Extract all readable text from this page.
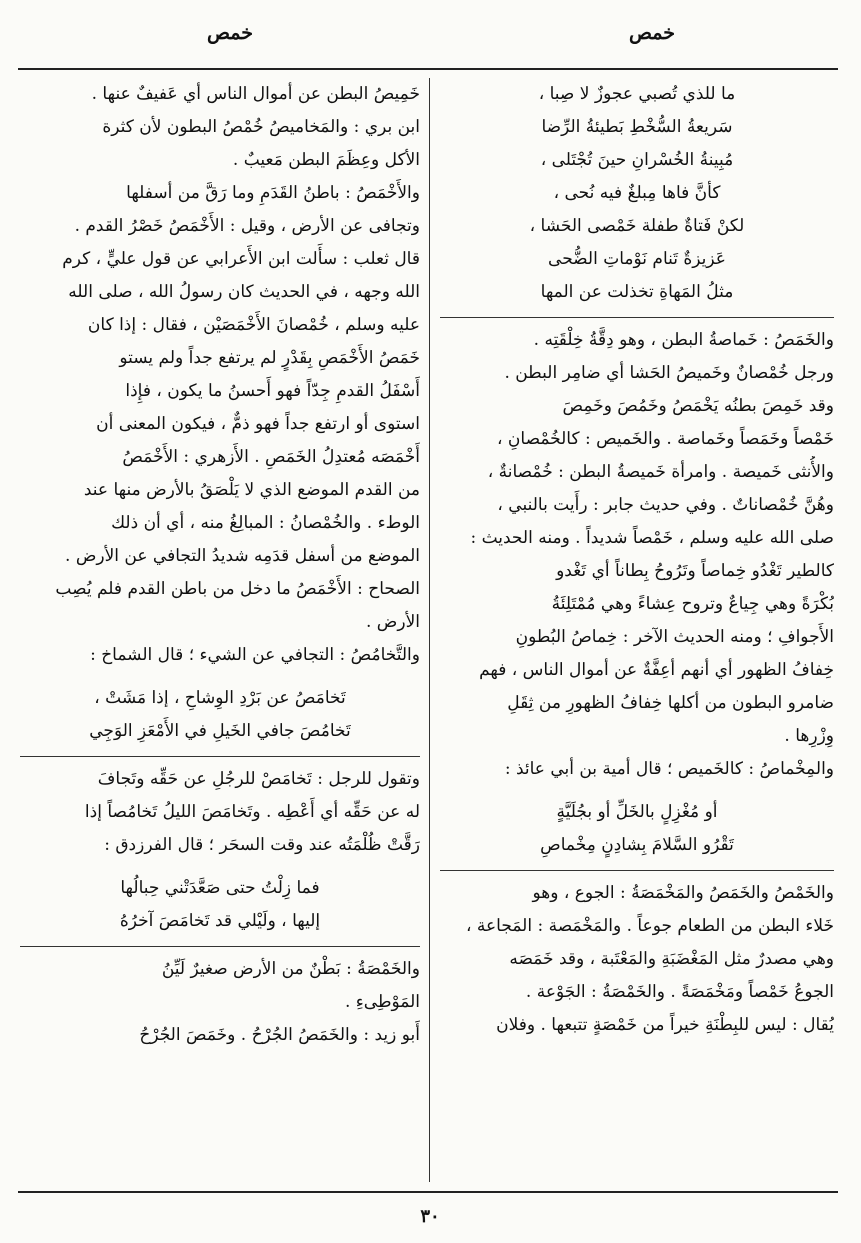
خمص
خمص
ما للذي تُصبي عجوزٌ لا صِبا ،
سَريعةُ السُّخْطِ بَطيئةُ الرِّضا
مُبِينةُ الخُسْرانِ حينَ تُجْتَلى ،
كأنَّ فاها مِبلغٌ فيه نُحى ،
لكنْ فَتاةٌ طفلة خَمْصى الحَشا ،
عَزيزةٌ تَنام نَوْماتِ الضُّحى
مثلُ المَهاةِ تخذلت عن المها
والخَمَصُ : خَماصةُ البطن ، وهو دِقَّةُ خِلْقَتِه .
ورجل خُمْصانٌ وخَميصُ الحَشا أي ضامِر البطن .
وقد خَمِصَ بطنُه يَخْمَصُ وخَمُصَ وخَمِصَ
خَمْصاً وخَمَصاً وخَماصة . والخَميص : كالخُمْصانِ ،
والأُنثى خَميصة . وامرأة خَميصةُ البطن : خُمْصانةٌ ،
وهُنَّ خُمْصاناتٌ . وفي حديث جابر : رأَيت بالنبي ،
صلى الله عليه وسلم ، خَمْصاً شديداً . ومنه الحديث :
كالطير تَغْدُو خِماصاً وتَرُوحُ بِطاناً أي تَغْدو
بُكْرَةً وهي جِياعٌ وتروح عِشاءً وهي مُمْتَلِئَةُ
الأَجوافِ ؛ ومنه الحديث الآخر : خِماصُ البُطونِ
خِفافُ الظهور أي أنهم أعِفَّةٌ عن أموال الناس ، فهم
ضامرو البطون من أكلها خِفافُ الظهورِ من ثِقَلِ
وِزْرِها .
والمِخْماصُ : كالخَميص ؛ قال أمية بن أبي عائذ :
أو مُغْزِلٍ بالخَلِّ أو بجُلَيَّةٍ
تَقْرُو السَّلامَ بِشادِنٍ مِخْماصِ
والخَمْصُ والخَمَصُ والمَخْمَصَةُ : الجوع ، وهو
خَلاء البطن من الطعام جوعاً . والمَخْمَصة : المَجاعة ،
وهي مصدرٌ مثل المَغْضَبَةِ والمَعْتَبة ، وقد خَمَصَه
الجوعُ خَمْصاً ومَخْمَصَةً . والخَمْصَةُ : الجَوْعة .
يُقال : ليس للبِطْنَةِ خيراً من خَمْصَةٍ تتبعها . وفلان
خَمِيصُ البطن عن أموال الناس أي عَفيفٌ عنها .
ابن بري : والمَخاميصُ خُمْصُ البطون لأن كثرة
الأكل وعِظَمَ البطن مَعيبٌ .
والأَخْمَصُ : باطنُ القَدَمِ وما رَقَّ من أسفلها
وتجافى عن الأرض ، وقيل : الأَخْمَصُ خَصْرُ القدم .
قال ثعلب : سأَلت ابن الأَعرابي عن قول عليٍّ ، كرم
الله وجهه ، في الحديث كان رسولُ الله ، صلى الله
عليه وسلم ، خُمْصانَ الأَخْمَصَيْن ، فقال : إذا كان
خَمَصُ الأَخْمَصِ بِقَدْرٍ لم يرتفع جداً ولم يستو
أَسْفَلُ القدمِ جِدّاً فهو أَحسنُ ما يكون ، فإِذا
استوى أو ارتفع جداً فهو ذمٌّ ، فيكون المعنى أن
أَخْمَصَه مُعتدِلُ الخَمَصِ . الأَزهري : الأَخْمَصُ
من القدم الموضع الذي لا يَلْصَقُ بالأرض منها عند
الوطء . والخُمْصانُ : المبالِغُ منه ، أي أن ذلك
الموضع من أسفل قدَمِه شديدُ التجافي عن الأرض .
الصحاح : الأَخْمَصُ ما دخل من باطن القدم فلم يُصِب
الأرض .
والتَّخامُصُ : التجافي عن الشيء ؛ قال الشماخ :
تَخامَصُ عن بَرْدِ الوِشاحِ ، إذا مَشَتْ ،
تَخامُصَ جافي الخَيلِ في الأَمْعَزِ الوَجِي
وتقول للرجل : تَخامَصْ للرجُلِ عن حَقِّه وتَجافَ
له عن حَقِّه أي أَعْطِه . وتَخامَصَ الليلُ تَخامُصاً إذا
رَقَّتْ ظُلْمَتُه عند وقت السحَر ؛ قال الفرزدق :
فما زِلْتُ حتى صَعَّدَتْني حِبالُها
إليها ، ولَيْلي قد تَخامَصَ آخرُهُ
والخَمْصَةُ : بَطْنٌ من الأرض صغيرٌ لَيِّنُ
المَوْطِىءِ .
أَبو زيد : والخَمَصُ الجُرْحُ . وخَمَصَ الجُرْحُ
٣٠
